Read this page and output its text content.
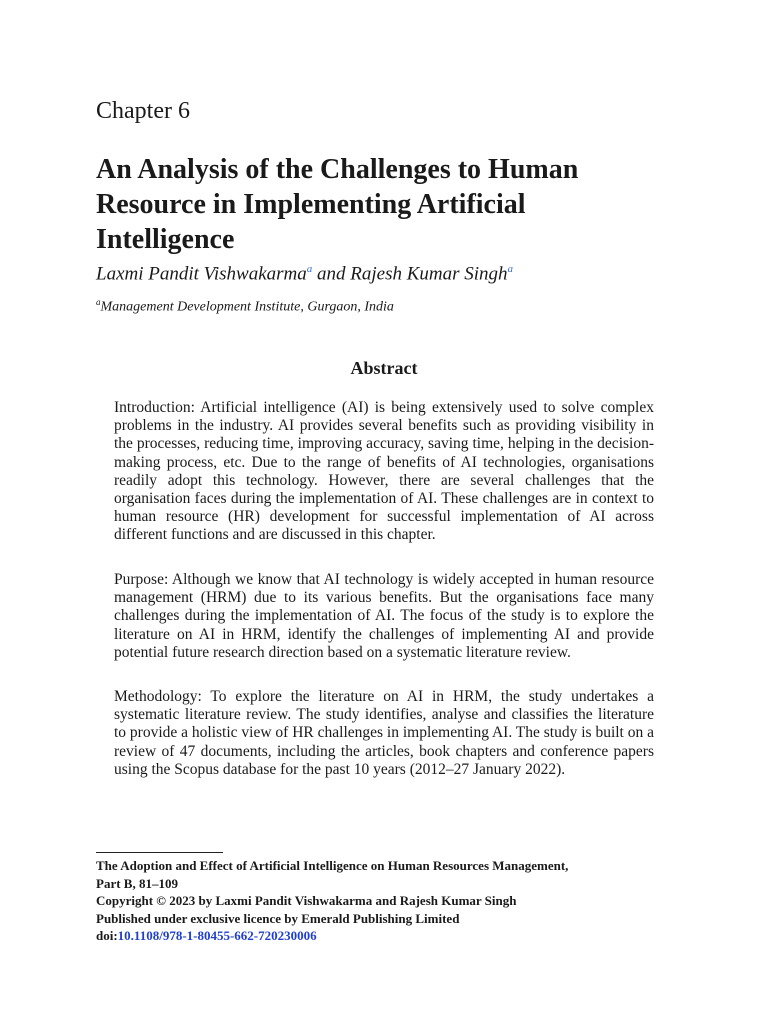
Chapter 6
An Analysis of the Challenges to Human
Resource in Implementing Artificial
Intelligence
Laxmi Pandit Vishwakarma$^a$ and Rajesh Kumar Singh$^a$
$^a$Management Development Institute, Gurgaon, India
Abstract

Introduction: Artificial intelligence (AI) is being extensively used to solve complex problems in the industry. AI provides several benefits such as providing visibility in the processes, reducing time, improving accuracy, saving time, helping in the decision-making process, etc. Due to the range of benefits of AI technologies, organisations readily adopt this technology. However, there are several challenges that the organisation faces during the implementation of AI. These challenges are in context to human resource (HR) development for successful implementation of AI across different functions and are discussed in this chapter.

Purpose: Although we know that AI technology is widely accepted in human resource management (HRM) due to its various benefits. But the organisations face many challenges during the implementation of AI. The focus of the study is to explore the literature on AI in HRM, identify the challenges of implementing AI and provide potential future research direction based on a systematic literature review.

Methodology: To explore the literature on AI in HRM, the study undertakes a systematic literature review. The study identifies, analyse and classifies the literature to provide a holistic view of HR challenges in implementing AI. The study is built on a review of 47 documents, including the articles, book chapters and conference papers using the Scopus database for the past 10 years (2012–27 January 2022).

The Adoption and Effect of Artificial Intelligence on Human Resources Management,
Part B, 81–109
Copyright © 2023 by Laxmi Pandit Vishwakarma and Rajesh Kumar Singh
Published under exclusive licence by Emerald Publishing Limited
doi:10.1108/978-1-80455-662-720230006
